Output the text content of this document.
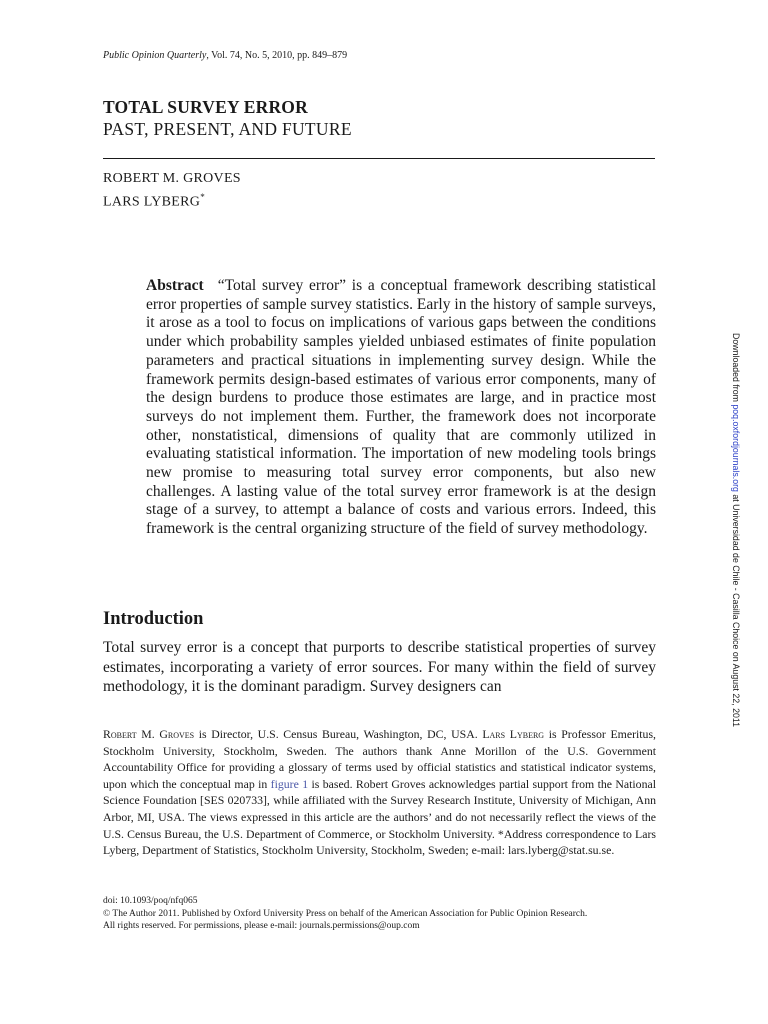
Public Opinion Quarterly, Vol. 74, No. 5, 2010, pp. 849–879
TOTAL SURVEY ERROR
PAST, PRESENT, AND FUTURE
ROBERT M. GROVES
LARS LYBERG*
Abstract “Total survey error” is a conceptual framework describing statistical error properties of sample survey statistics. Early in the history of sample surveys, it arose as a tool to focus on implications of various gaps between the conditions under which probability samples yielded unbiased estimates of finite population parameters and practical situations in implementing survey design. While the framework permits design-based estimates of various error components, many of the design burdens to produce those estimates are large, and in practice most surveys do not implement them. Further, the framework does not incorporate other, nonstatistical, dimensions of quality that are commonly utilized in evaluating statistical information. The importation of new modeling tools brings new promise to measuring total survey error components, but also new challenges. A lasting value of the total survey error framework is at the design stage of a survey, to attempt a balance of costs and various errors. Indeed, this framework is the central organizing structure of the field of survey methodology.
Introduction
Total survey error is a concept that purports to describe statistical properties of survey estimates, incorporating a variety of error sources. For many within the field of survey methodology, it is the dominant paradigm. Survey designers can
Robert M. Groves is Director, U.S. Census Bureau, Washington, DC, USA. Lars Lyberg is Professor Emeritus, Stockholm University, Stockholm, Sweden. The authors thank Anne Morillon of the U.S. Government Accountability Office for providing a glossary of terms used by official statistics and statistical indicator systems, upon which the conceptual map in figure 1 is based. Robert Groves acknowledges partial support from the National Science Foundation [SES 020733], while affiliated with the Survey Research Institute, University of Michigan, Ann Arbor, MI, USA. The views expressed in this article are the authors’ and do not necessarily reflect the views of the U.S. Census Bureau, the U.S. Department of Commerce, or Stockholm University. *Address correspondence to Lars Lyberg, Department of Statistics, Stockholm University, Stockholm, Sweden; e-mail: lars.lyberg@stat.su.se.
doi: 10.1093/poq/nfq065
© The Author 2011. Published by Oxford University Press on behalf of the American Association for Public Opinion Research.
All rights reserved. For permissions, please e-mail: journals.permissions@oup.com
Downloaded from poq.oxfordjournals.org at Universidad de Chile - Casilla Choice on August 22, 2011
